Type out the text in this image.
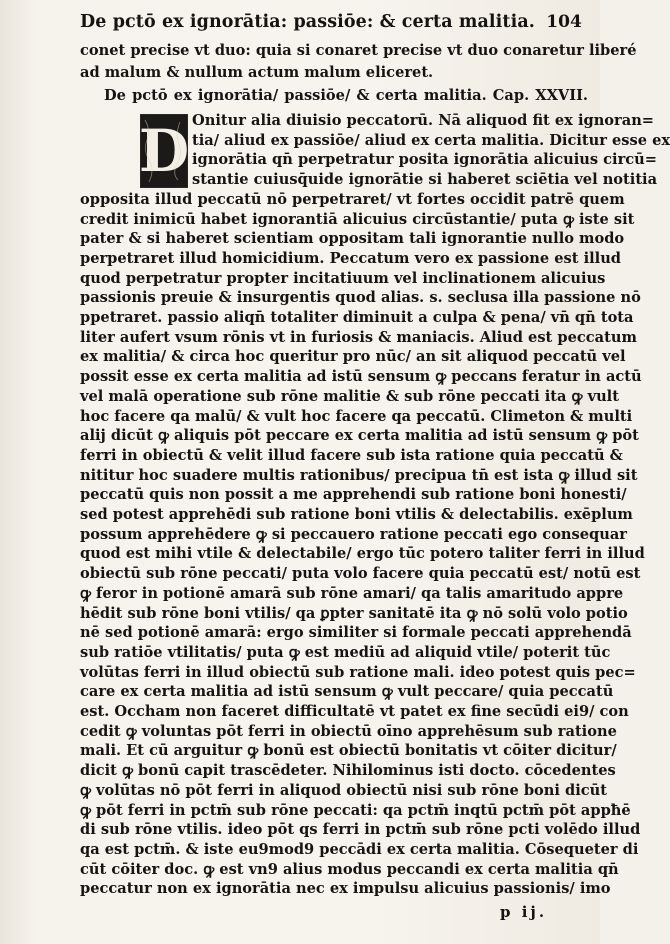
De pctō ex ignorātia: passiōe: & certa malitia. 104
conet precise vt duo: quia si conaret precise vt duo conaretur liberé
ad malum & nullum actum malum eliceret.
De pctō ex ignorātia/ passiōe/ & certa malitia. Cap. XXVII.
D
p ij.
Onitur alia diuisio peccatorū. Nā aliquod fit ex ignoran=
tia/ aliud ex passiōe/ aliud ex certa malitia. Dicitur esse ex
ignorātia qn̄ perpetratur posita ignorātia alicuius circū=
stantie cuiusq̄uide ignorātie si haberet sciētia vel notitia
opposita illud peccatū nō perpetraret/ vt fortes occidit patrē quem
credit inimicū habet ignorantiā alicuius circūstantie/ puta ꝙ iste sit
pater & si haberet scientiam oppositam tali ignorantie nullo modo
perpetraret illud homicidium. Peccatum vero ex passione est illud
quod perpetratur propter incitatiuum vel inclinationem alicuius
passionis preuie & insurgentis quod alias. s. seclusa illa passione nō
ppetraret. passio aliqn̄ totaliter diminuit a culpa & pena/ vn̄ qn̄ tota
liter aufert vsum rōnis vt in furiosis & maniacis. Aliud est peccatum
ex malitia/ & circa hoc queritur pro nūc/ an sit aliquod peccatū vel
possit esse ex certa malitia ad istū sensum ꝙ peccans feratur in actū
vel malā operatione sub rōne malitie & sub rōne peccati ita ꝙ vult
hoc facere qa malū/ & vult hoc facere qa peccatū. Climeton & multi
alij dicūt ꝙ aliquis pōt peccare ex certa malitia ad istū sensum ꝙ pōt
ferri in obiectū & velit illud facere sub ista ratione quia peccatū &
nititur hoc suadere multis rationibus/ precipua tn̄ est ista ꝙ illud sit
peccatū quis non possit a me apprehendi sub ratione boni honesti/
sed potest apprehēdi sub ratione boni vtilis & delectabilis. exēplum
possum apprehēdere ꝙ si peccauero ratione peccati ego consequar
quod est mihi vtile & delectabile/ ergo tūc potero taliter ferri in illud
obiectū sub rōne peccati/ puta volo facere quia peccatū est/ notū est
ꝙ feror in potionē amarā sub rōne amari/ qa talis amaritudo appre
hēdit sub rōne boni vtilis/ qa ꝑpter sanitatē ita ꝙ nō solū volo potio
nē sed potionē amarā: ergo similiter si formale peccati apprehendā
sub ratiōe vtilitatis/ puta ꝙ est mediū ad aliquid vtile/ poterit tūc
volūtas ferri in illud obiectū sub ratione mali. ideo potest quis pec=
care ex certa malitia ad istū sensum ꝙ vult peccare/ quia peccatū
est. Occham non faceret difficultatē vt patet ex fine secūdi ei9/ con
cedit ꝙ voluntas pōt ferri in obiectū oīno apprehēsum sub ratione
mali. Et cū arguitur ꝙ bonū est obiectū bonitatis vt cōiter dicitur/
dicit ꝙ bonū capit trascēdeter. Nihilominus isti docto. cōcedentes
ꝙ volūtas nō pōt ferri in aliquod obiectū nisi sub rōne boni dicūt
ꝙ pōt ferri in pctm̄ sub rōne peccati: qa pctm̄ inqtū pctm̄ pōt appħē
di sub rōne vtilis. ideo pōt qs ferri in pctm̄ sub rōne pcti volēdo illud
qa est pctm̄. & iste eu9mod9 peccādi ex certa malitia. Cōsequeter di
cūt cōiter doc. ꝙ est vn9 alius modus peccandi ex certa malitia qn̄
peccatur non ex ignorātia nec ex impulsu alicuius passionis/ imo
